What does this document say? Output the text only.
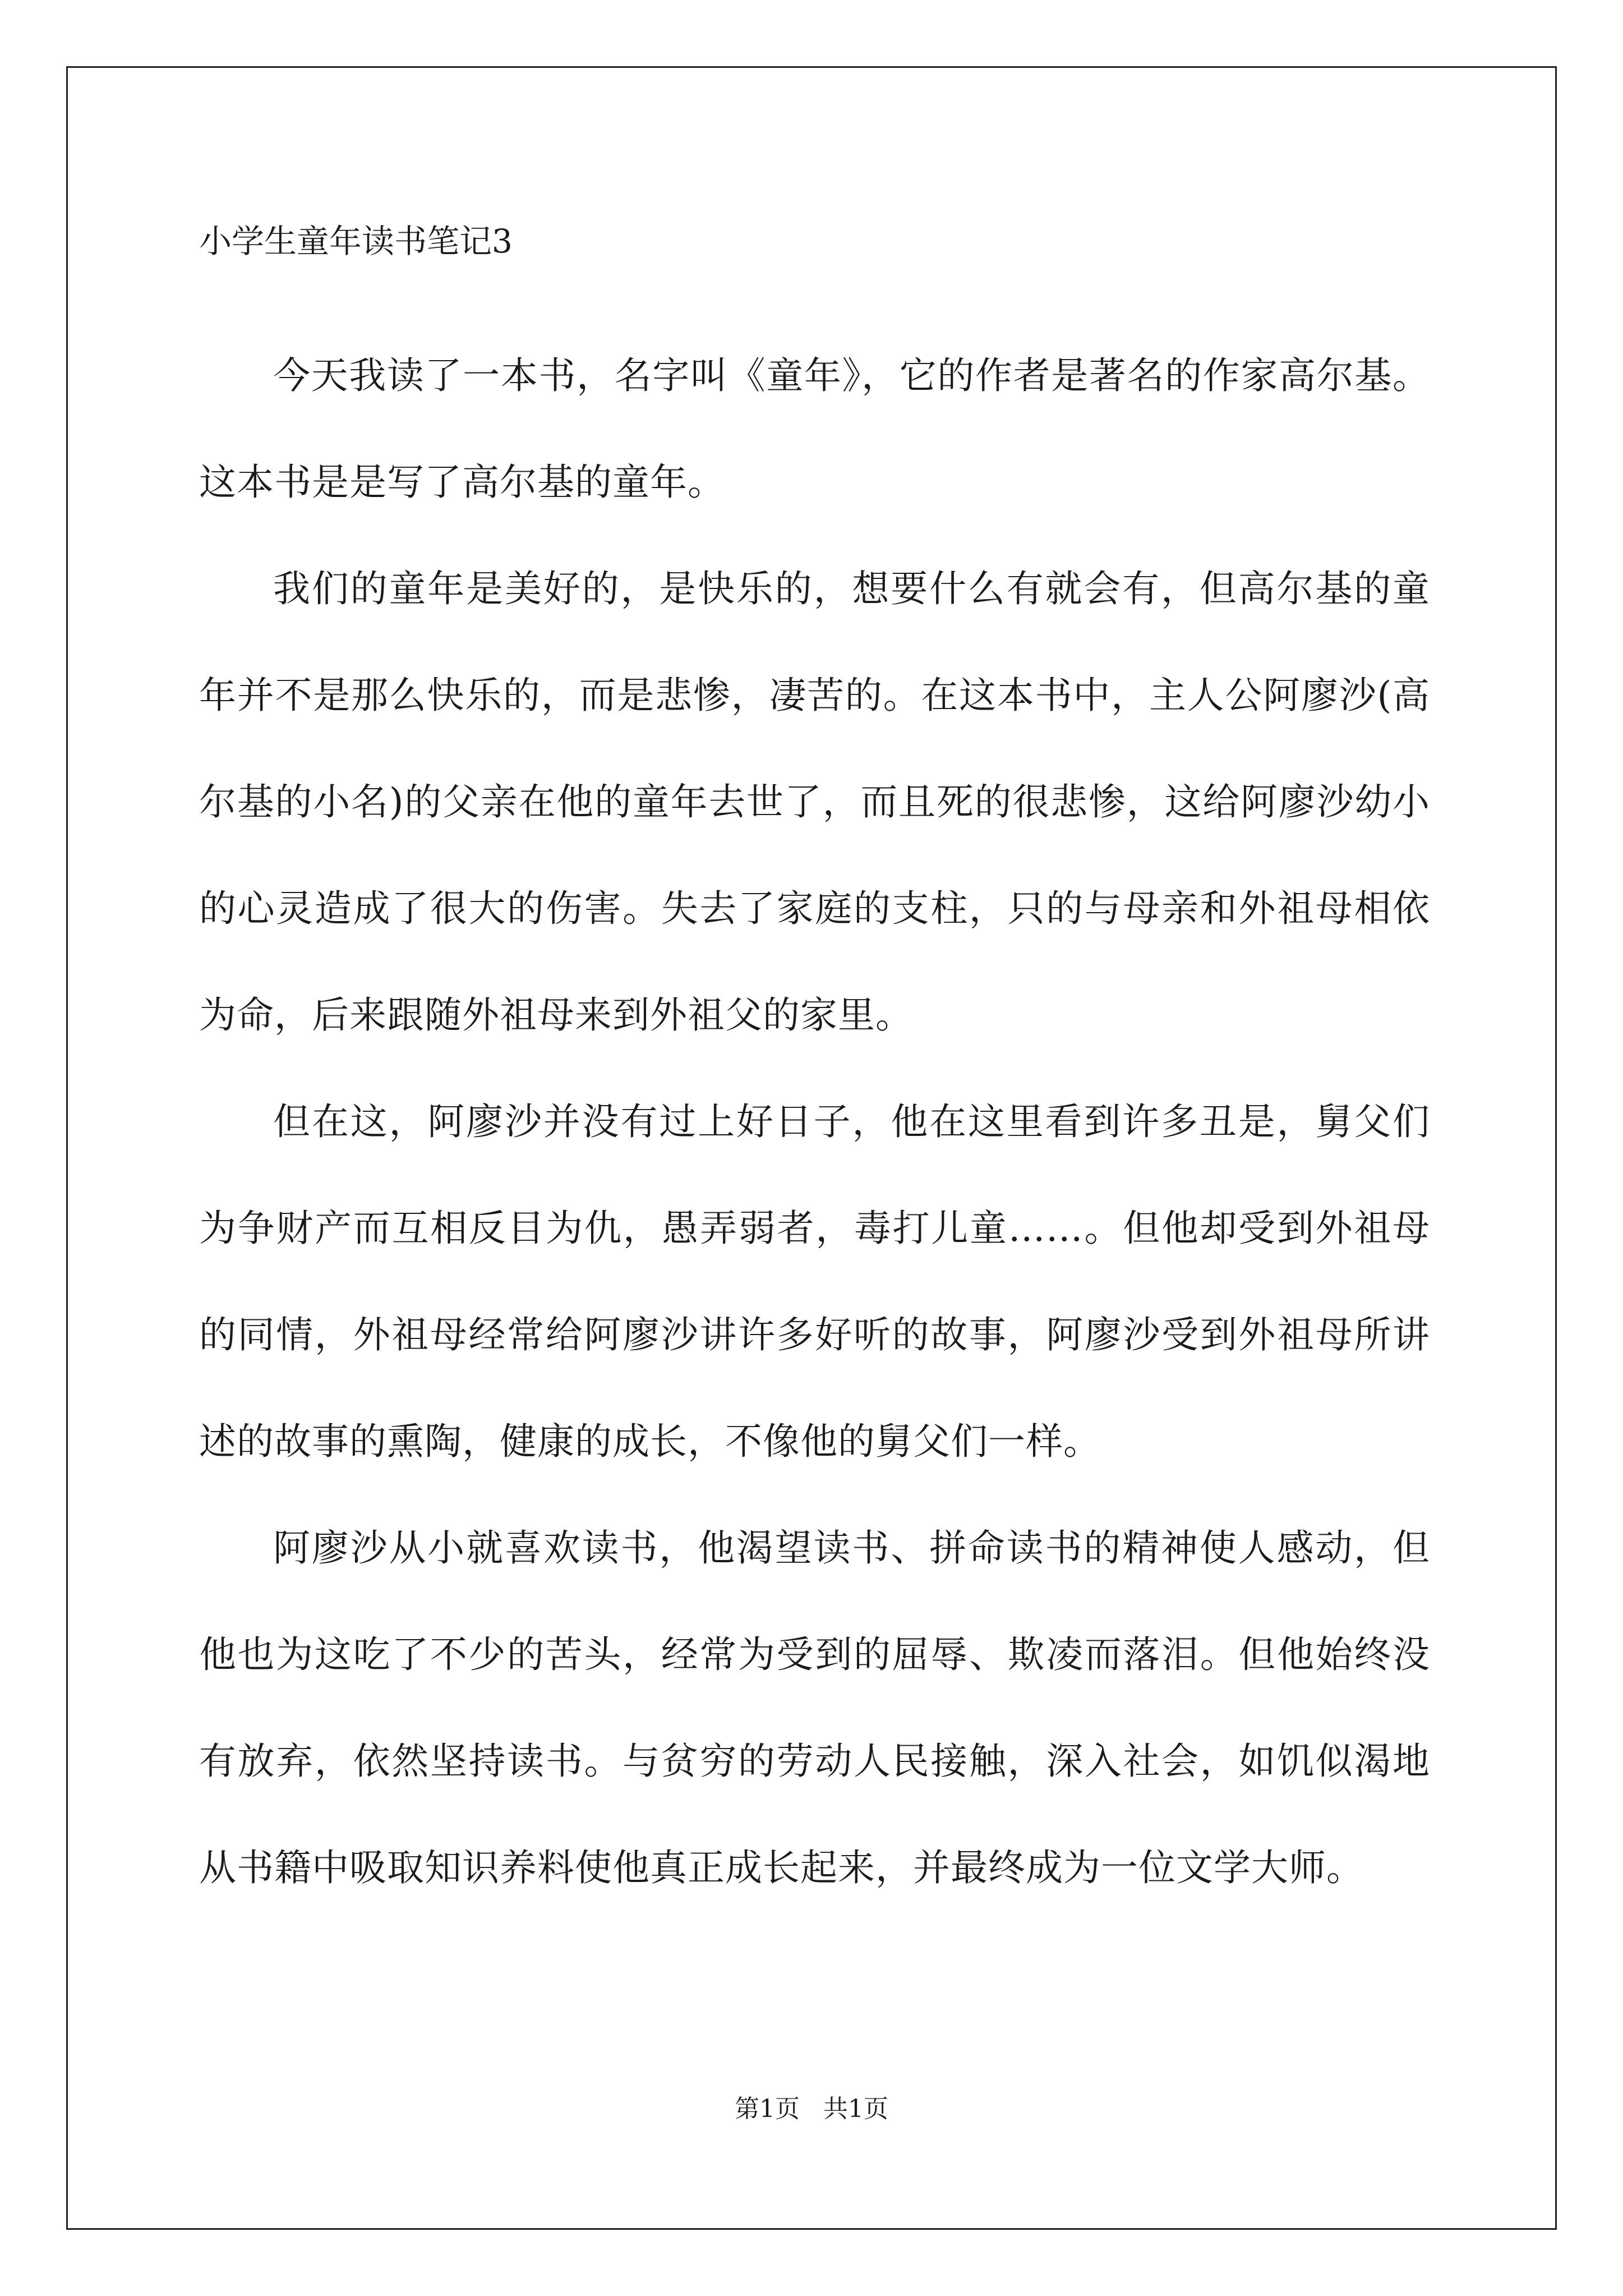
小学生童年读书笔记3

今天我读了一本书，名字叫《童年》，它的作者是著名的作家高尔基。这本书是是写了高尔基的童年。

我们的童年是美好的，是快乐的，想要什么有就会有，但高尔基的童年并不是那么快乐的，而是悲惨，凄苦的。在这本书中，主人公阿廖沙(高尔基的小名)的父亲在他的童年去世了，而且死的很悲惨，这给阿廖沙幼小的心灵造成了很大的伤害。失去了家庭的支柱，只的与母亲和外祖母相依为命，后来跟随外祖母来到外祖父的家里。

但在这，阿廖沙并没有过上好日子，他在这里看到许多丑是，舅父们为争财产而互相反目为仇，愚弄弱者，毒打儿童……。但他却受到外祖母的同情，外祖母经常给阿廖沙讲许多好听的故事，阿廖沙受到外祖母所讲述的故事的熏陶，健康的成长，不像他的舅父们一样。

阿廖沙从小就喜欢读书，他渴望读书、拼命读书的精神使人感动，但他也为这吃了不少的苦头，经常为受到的屈辱、欺凌而落泪。但他始终没有放弃，依然坚持读书。与贫穷的劳动人民接触，深入社会，如饥似渴地从书籍中吸取知识养料使他真正成长起来，并最终成为一位文学大师。

第1页   共1页
